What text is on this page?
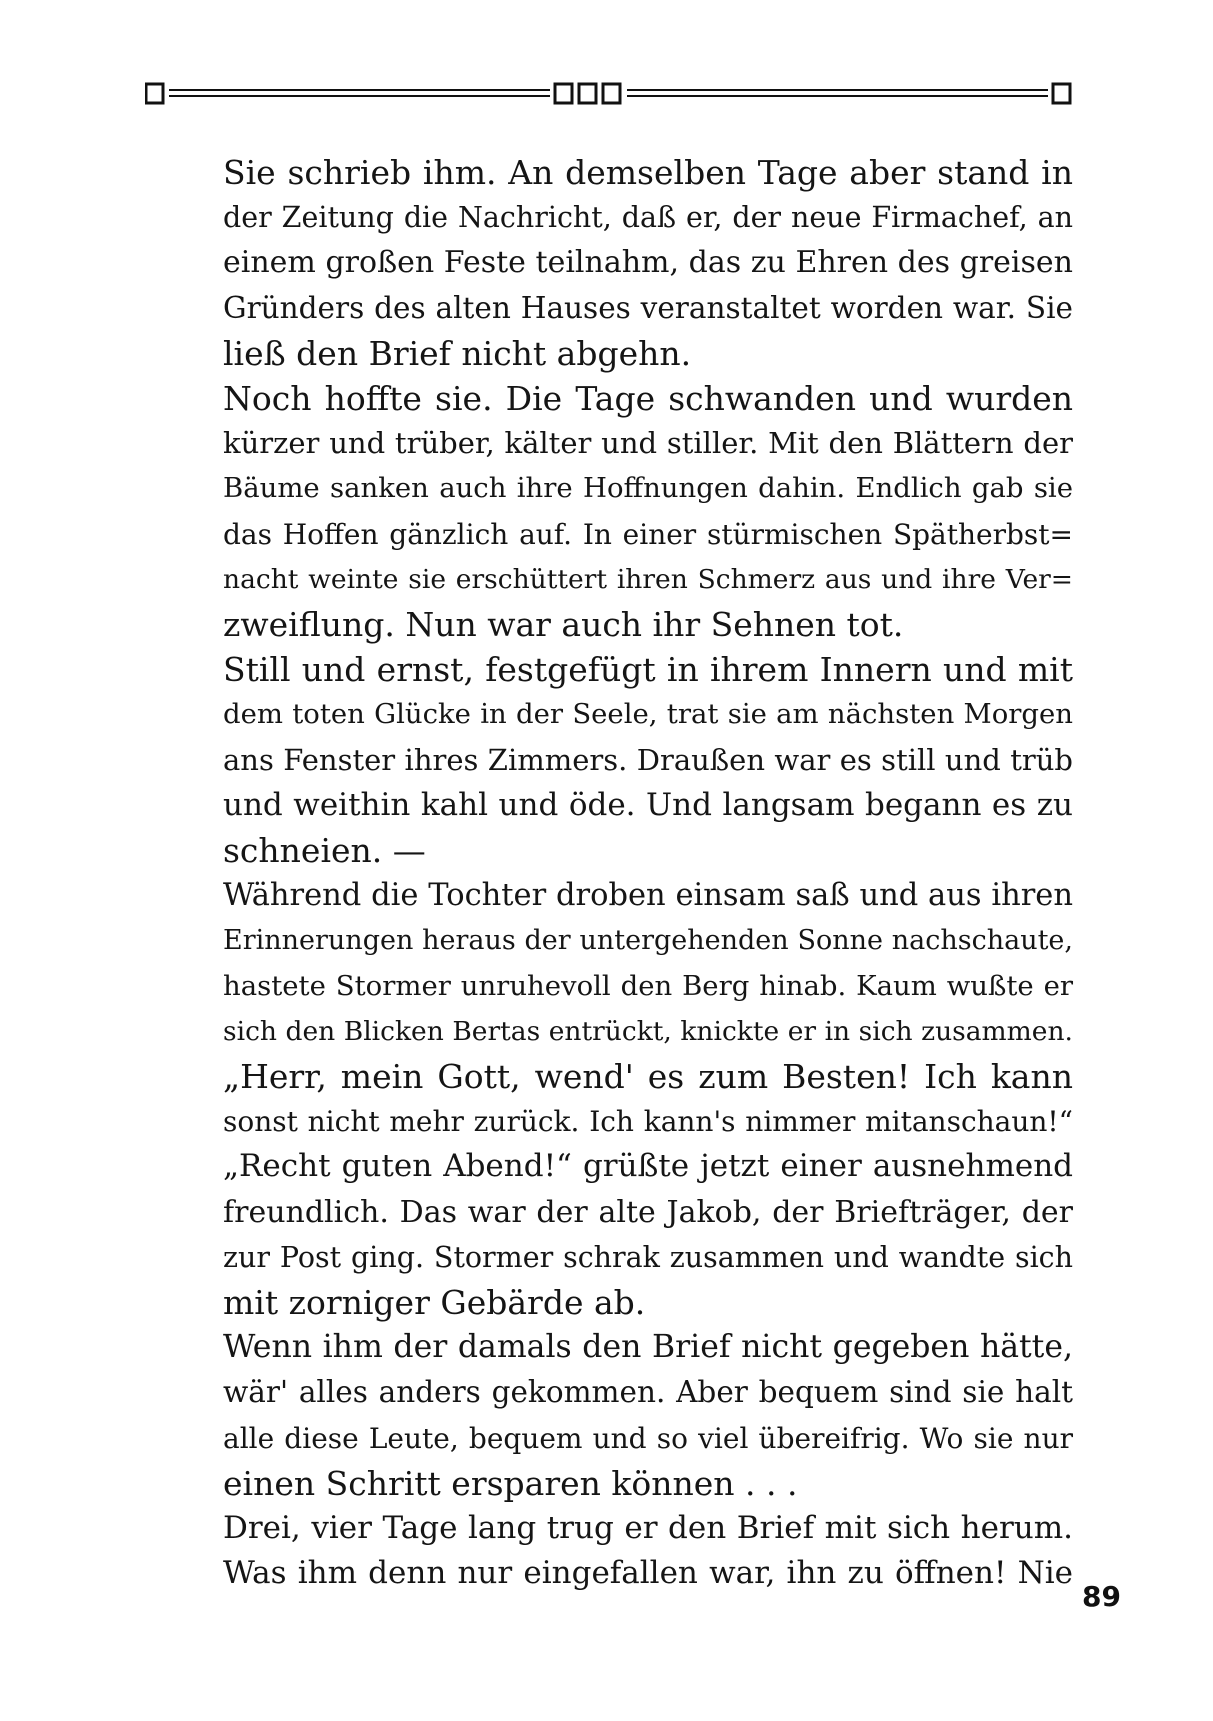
Sie schrieb ihm. An demselben Tage aber stand in
der Zeitung die Nachricht, daß er, der neue Firmachef, an
einem großen Feste teilnahm, das zu Ehren des greisen
Gründers des alten Hauses veranstaltet worden war. Sie
ließ den Brief nicht abgehn.

Noch hoffte sie. Die Tage schwanden und wurden
kürzer und trüber, kälter und stiller. Mit den Blättern der
Bäume sanken auch ihre Hoffnungen dahin. Endlich gab sie
das Hoffen gänzlich auf. In einer stürmischen Spätherbst=
nacht weinte sie erschüttert ihren Schmerz aus und ihre Ver=
zweiflung. Nun war auch ihr Sehnen tot.

Still und ernst, festgefügt in ihrem Innern und mit
dem toten Glücke in der Seele, trat sie am nächsten Morgen
ans Fenster ihres Zimmers. Draußen war es still und trüb
und weithin kahl und öde. Und langsam begann es zu
schneien. —

Während die Tochter droben einsam saß und aus ihren
Erinnerungen heraus der untergehenden Sonne nachschaute,
hastete Stormer unruhevoll den Berg hinab. Kaum wußte er
sich den Blicken Bertas entrückt, knickte er in sich zusammen.

„Herr, mein Gott, wend' es zum Besten! Ich kann
sonst nicht mehr zurück. Ich kann's nimmer mitanschaun!“

„Recht guten Abend!“ grüßte jetzt einer ausnehmend
freundlich. Das war der alte Jakob, der Briefträger, der
zur Post ging. Stormer schrak zusammen und wandte sich
mit zorniger Gebärde ab.

Wenn ihm der damals den Brief nicht gegeben hätte,
wär' alles anders gekommen. Aber bequem sind sie halt
alle diese Leute, bequem und so viel übereifrig. Wo sie nur
einen Schritt ersparen können . . .

Drei, vier Tage lang trug er den Brief mit sich herum.
Was ihm denn nur eingefallen war, ihn zu öffnen! Nie

89
